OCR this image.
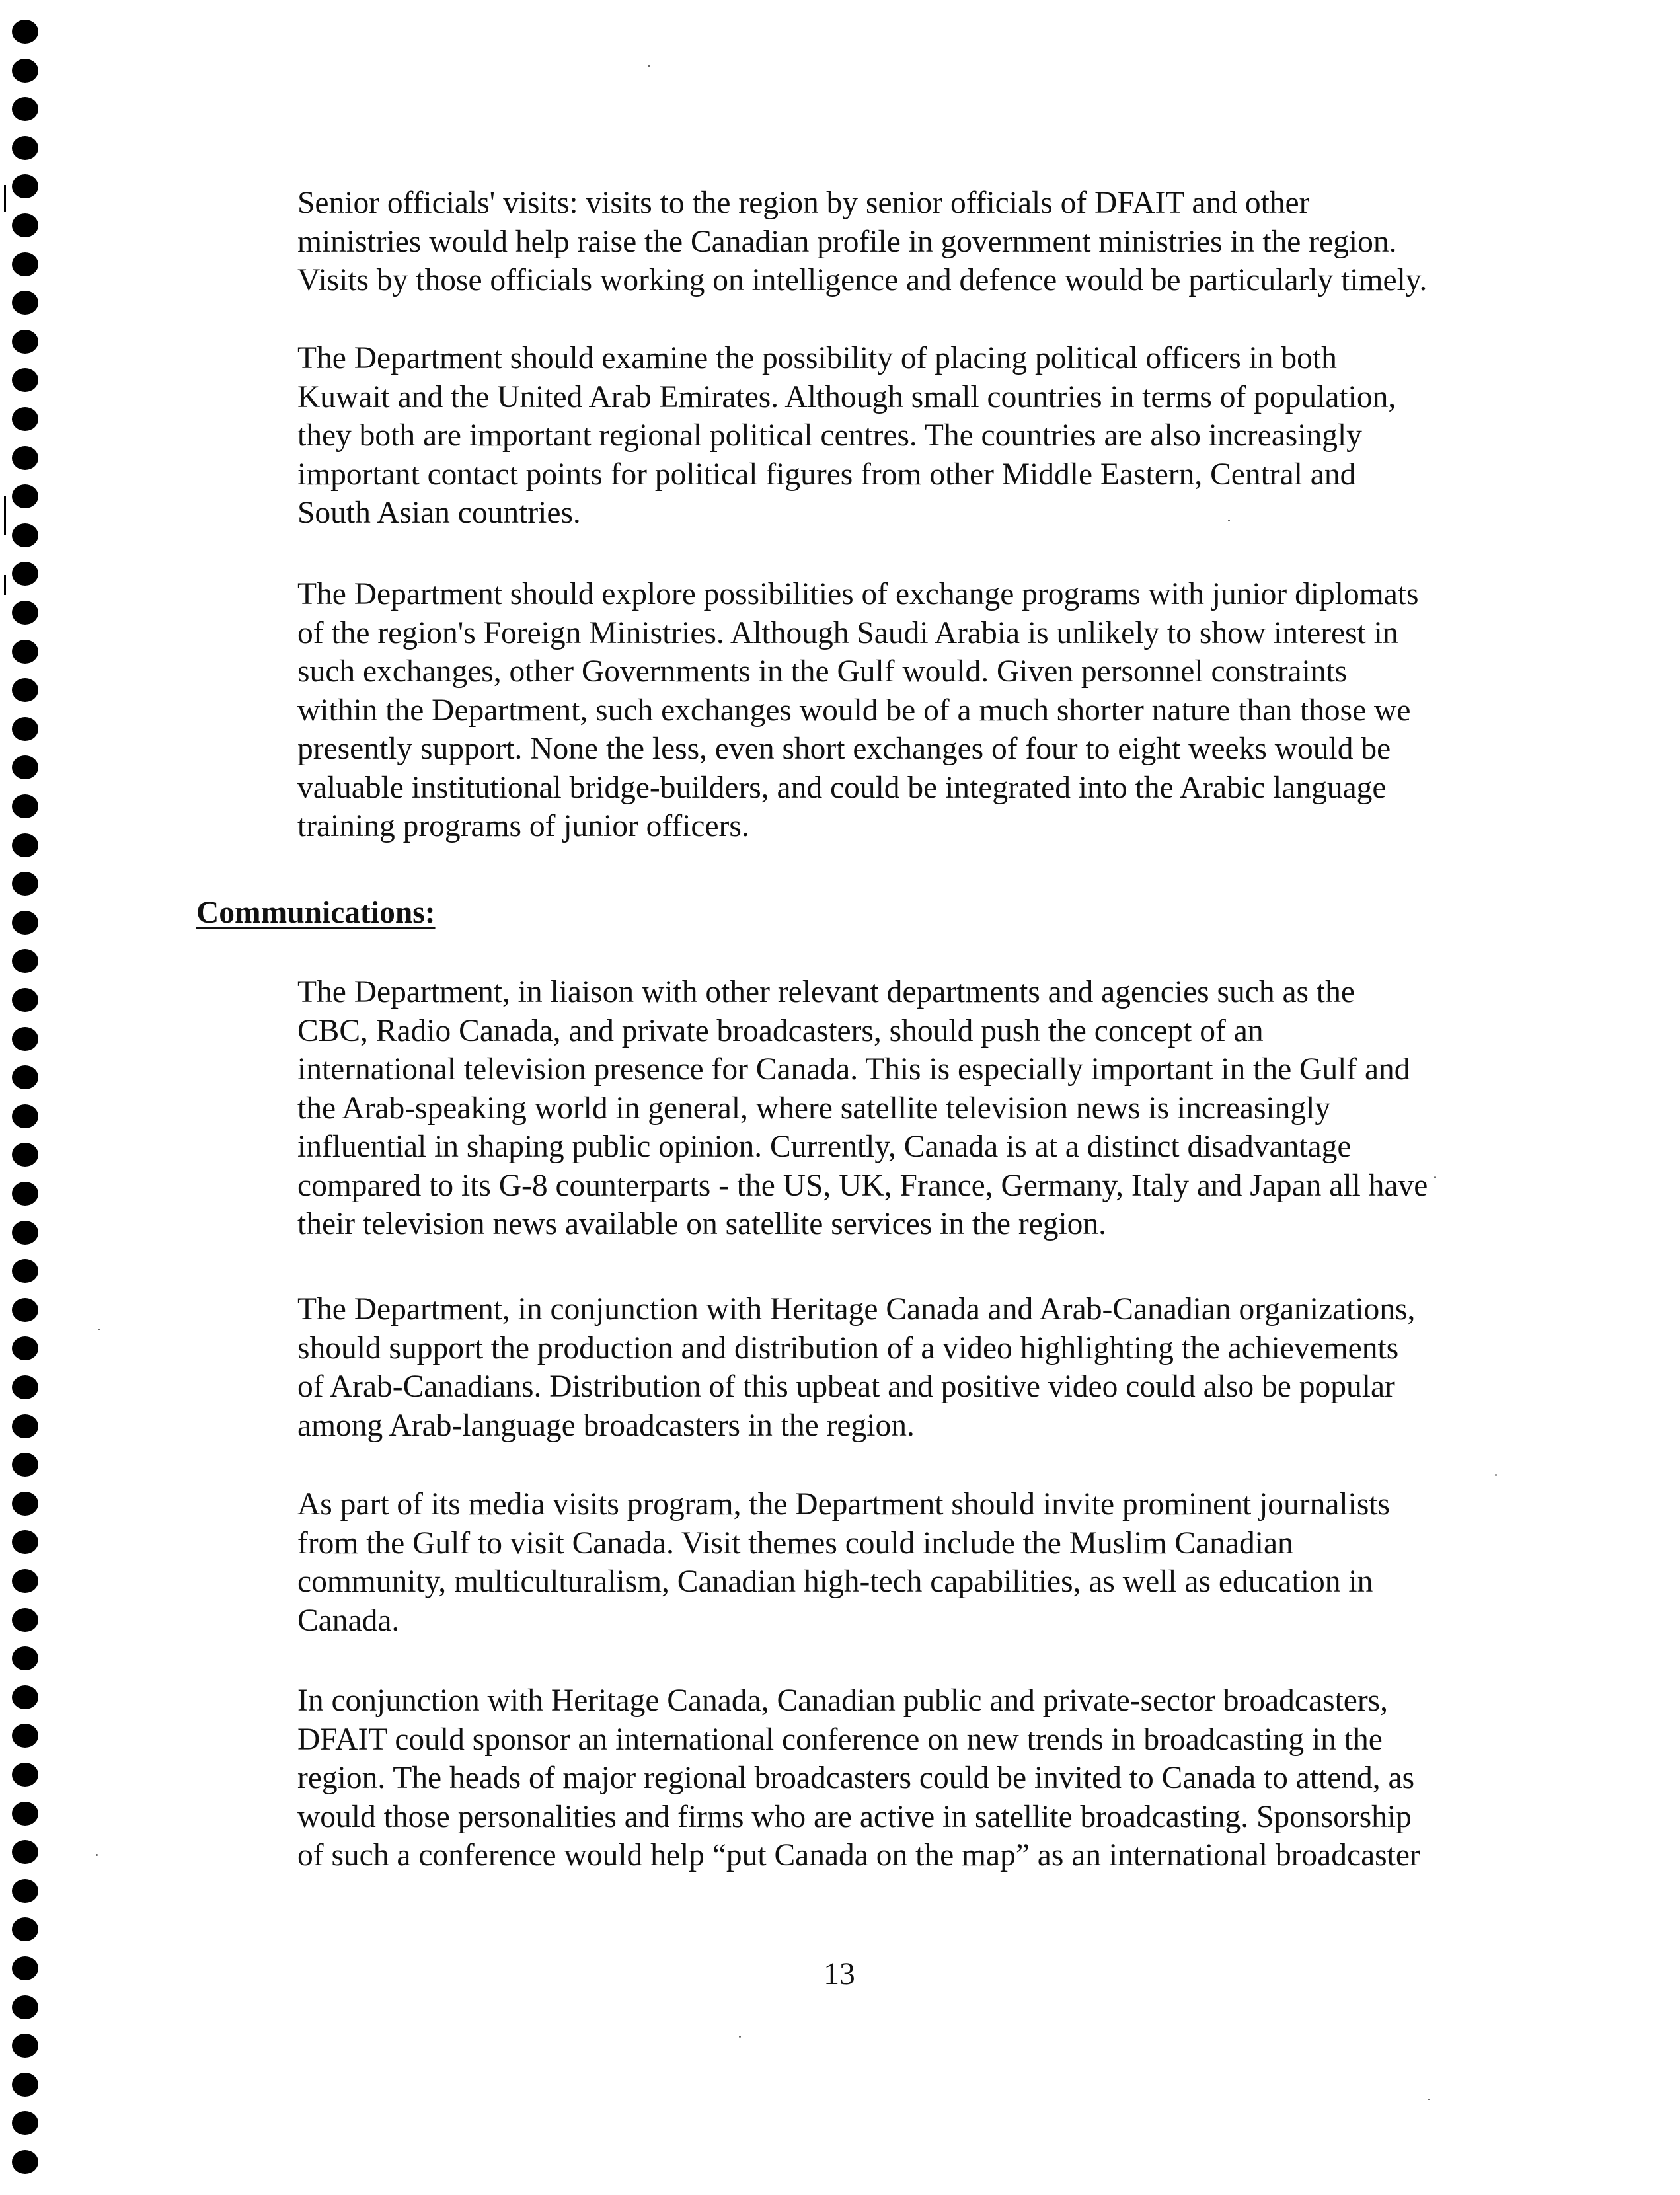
Senior officials' visits: visits to the region by senior officials of DFAIT and other
ministries would help raise the Canadian profile in government ministries in the region.
Visits by those officials working on intelligence and defence would be particularly timely.

The Department should examine the possibility of placing political officers in both
Kuwait and the United Arab Emirates. Although small countries in terms of population,
they both are important regional political centres. The countries are also increasingly
important contact points for political figures from other Middle Eastern, Central and
South Asian countries.

The Department should explore possibilities of exchange programs with junior diplomats
of the region's Foreign Ministries. Although Saudi Arabia is unlikely to show interest in
such exchanges, other Governments in the Gulf would. Given personnel constraints
within the Department, such exchanges would be of a much shorter nature than those we
presently support. None the less, even short exchanges of four to eight weeks would be
valuable institutional bridge-builders, and could be integrated into the Arabic language
training programs of junior officers.

Communications:

The Department, in liaison with other relevant departments and agencies such as the
CBC, Radio Canada, and private broadcasters, should push the concept of an
international television presence for Canada. This is especially important in the Gulf and
the Arab-speaking world in general, where satellite television news is increasingly
influential in shaping public opinion. Currently, Canada is at a distinct disadvantage
compared to its G-8 counterparts - the US, UK, France, Germany, Italy and Japan all have
their television news available on satellite services in the region.

The Department, in conjunction with Heritage Canada and Arab-Canadian organizations,
should support the production and distribution of a video highlighting the achievements
of Arab-Canadians. Distribution of this upbeat and positive video could also be popular
among Arab-language broadcasters in the region.

As part of its media visits program, the Department should invite prominent journalists
from the Gulf to visit Canada. Visit themes could include the Muslim Canadian
community, multiculturalism, Canadian high-tech capabilities, as well as education in
Canada.

In conjunction with Heritage Canada, Canadian public and private-sector broadcasters,
DFAIT could sponsor an international conference on new trends in broadcasting in the
region. The heads of major regional broadcasters could be invited to Canada to attend, as
would those personalities and firms who are active in satellite broadcasting. Sponsorship
of such a conference would help “put Canada on the map” as an international broadcaster

13
